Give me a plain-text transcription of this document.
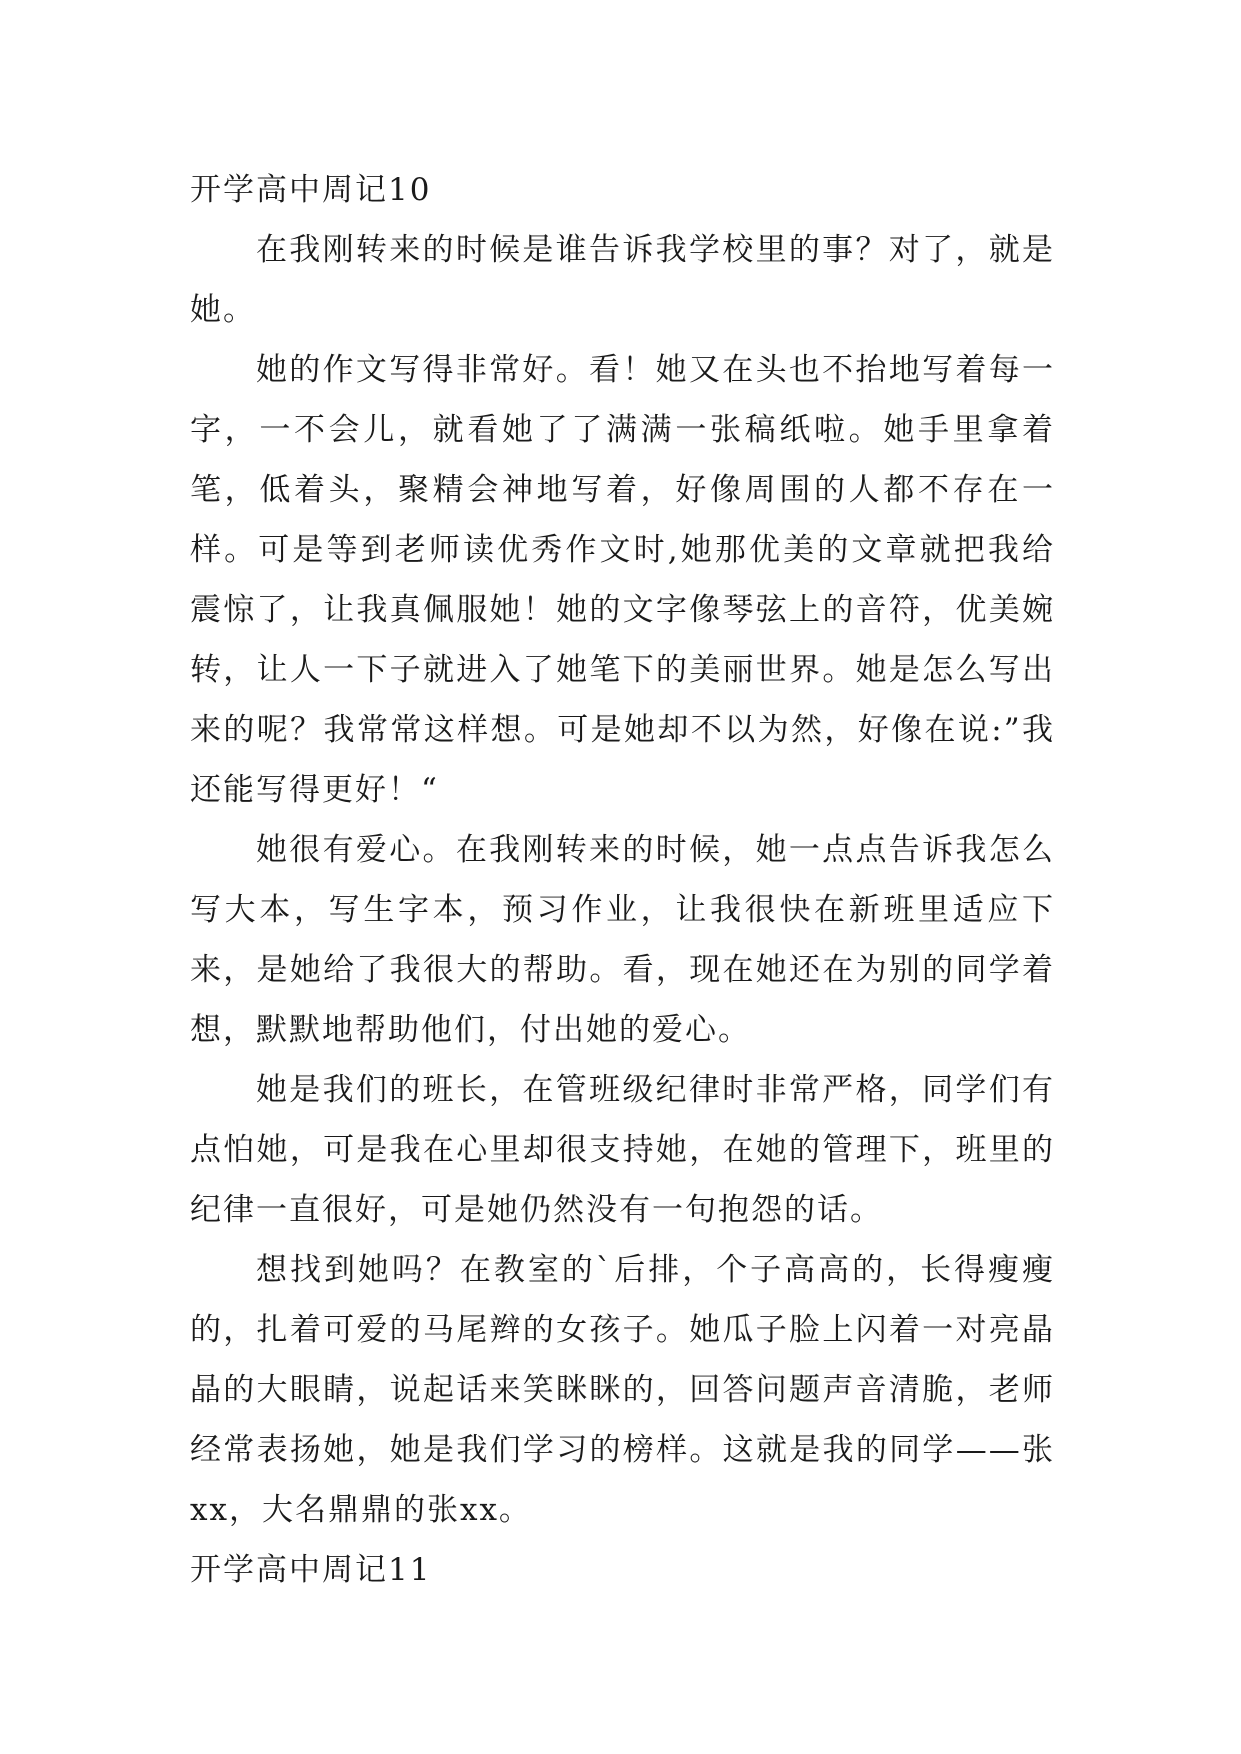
开学高中周记10

在我刚转来的时候是谁告诉我学校里的事？对了，就是她。

她的作文写得非常好。看！她又在头也不抬地写着每一字，一不会儿，就看她了了满满一张稿纸啦。她手里拿着笔，低着头，聚精会神地写着，好像周围的人都不存在一样。可是等到老师读优秀作文时,她那优美的文章就把我给震惊了，让我真佩服她！她的文字像琴弦上的音符，优美婉转，让人一下子就进入了她笔下的美丽世界。她是怎么写出来的呢？我常常这样想。可是她却不以为然，好像在说:”我还能写得更好！“

她很有爱心。在我刚转来的时候，她一点点告诉我怎么写大本，写生字本，预习作业，让我很快在新班里适应下来，是她给了我很大的帮助。看，现在她还在为别的同学着想，默默地帮助他们，付出她的爱心。

她是我们的班长，在管班级纪律时非常严格，同学们有点怕她，可是我在心里却很支持她，在她的管理下，班里的纪律一直很好，可是她仍然没有一句抱怨的话。

想找到她吗？在教室的`后排，个子高高的，长得瘦瘦的，扎着可爱的马尾辫的女孩子。她瓜子脸上闪着一对亮晶晶的大眼睛，说起话来笑眯眯的，回答问题声音清脆，老师经常表扬她，她是我们学习的榜样。这就是我的同学——张xx，大名鼎鼎的张xx。

开学高中周记11
